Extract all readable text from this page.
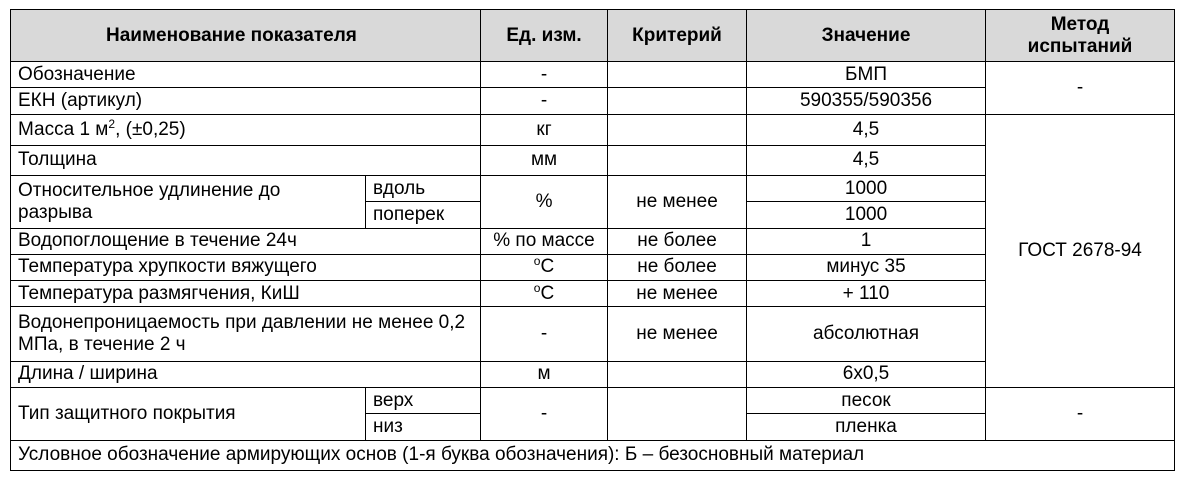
Наименование показателя		Ед. изм.	Критерий	Значение	Метод
испытаний
Обозначение		-		БМП	-
ЕКН (артикул)		-		590355/590356	
Масса 1 $м^2$, (±0,25)		кг		4,5	ГОСТ 2678-94
Толщина		мм		4,5	
Относительное удлинение до разрыва	вдоль	%	не менее	1000	
	поперек			1000	
Водопоглощение в течение 24ч		% по массе	не более	1	
Температура хрупкости вяжущего		$^o$С	не более	минус 35	
Температура размягчения, КиШ		$^o$С	не менее	+ 110	
Водонепроницаемость при давлении не менее 0,2 МПа, в течение 2 ч		-	не менее	абсолютная	
Длина / ширина		м		6х0,5	
Тип защитного покрытия	верх	-		песок	-
	низ			пленка	
Условное обозначение армирующих основ (1-я буква обозначения): Б – безосновный материал					
